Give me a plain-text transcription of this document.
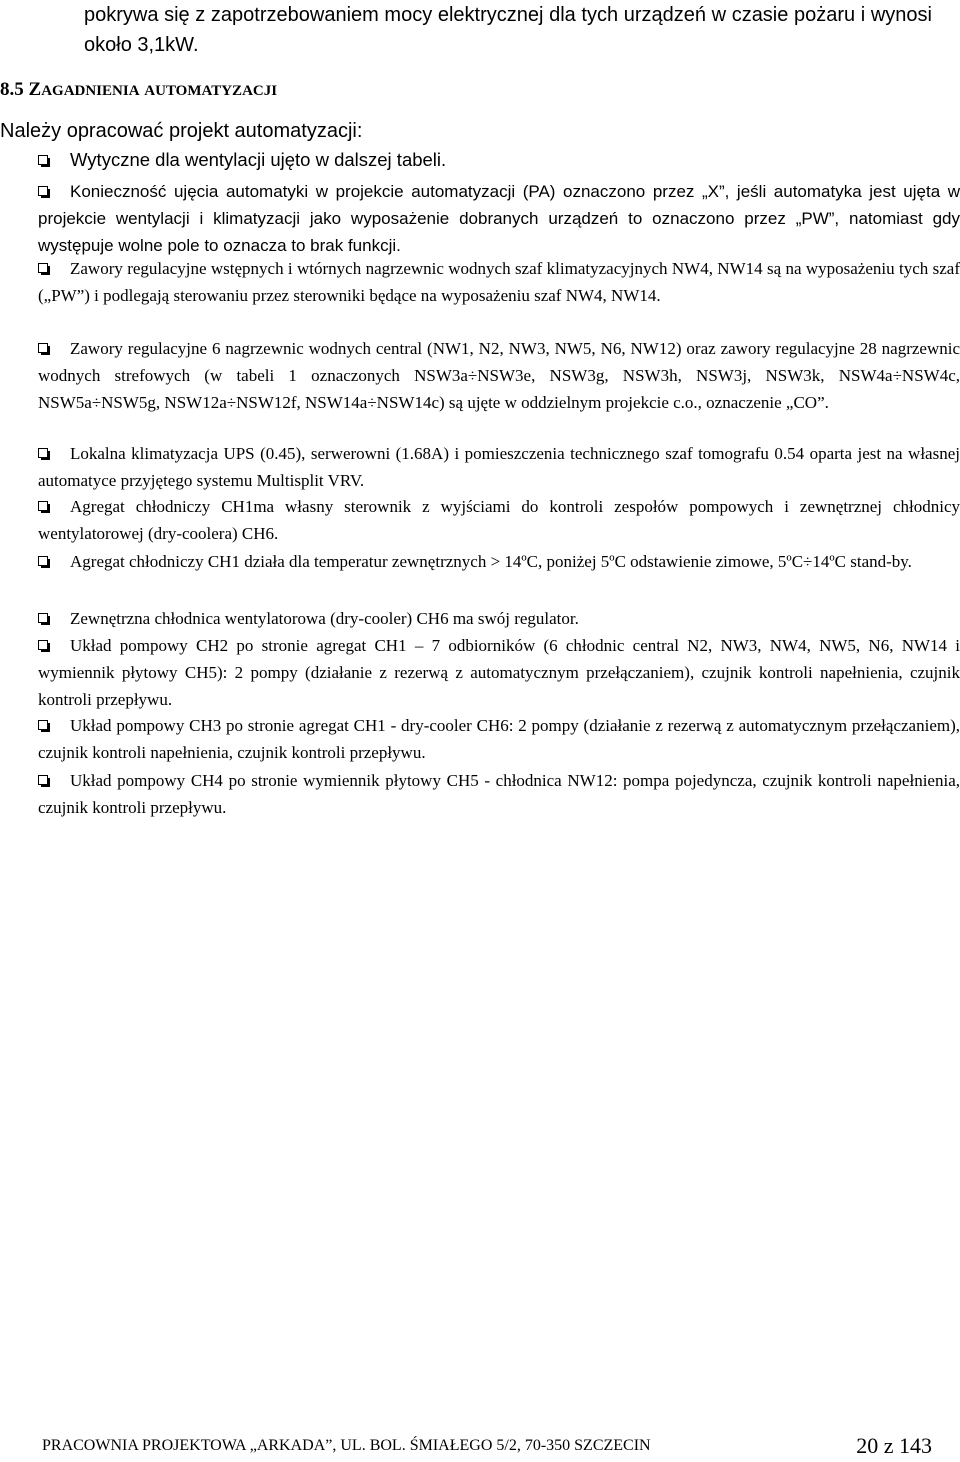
pokrywa się z zapotrzebowaniem mocy elektrycznej dla tych urządzeń w czasie pożaru i wynosi około 3,1kW.

8.5 ZAGADNIENIA AUTOMATYZACJI

Należy opracować projekt automatyzacji:

Wytyczne dla wentylacji ujęto w dalszej tabeli.
Konieczność ujęcia automatyki w projekcie automatyzacji (PA) oznaczono przez „X”, jeśli automatyka jest ujęta w projekcie wentylacji i klimatyzacji jako wyposażenie dobranych urządzeń to oznaczono przez „PW”, natomiast gdy występuje wolne pole to oznacza to brak funkcji.
Zawory regulacyjne wstępnych i wtórnych nagrzewnic wodnych szaf klimatyzacyjnych NW4, NW14 są na wyposażeniu tych szaf („PW”) i podlegają sterowaniu przez sterowniki będące na wyposażeniu szaf NW4, NW14.
Zawory regulacyjne 6 nagrzewnic wodnych central (NW1, N2, NW3, NW5, N6, NW12) oraz zawory regulacyjne 28 nagrzewnic wodnych strefowych (w tabeli 1 oznaczonych NSW3a÷NSW3e, NSW3g, NSW3h, NSW3j, NSW3k, NSW4a÷NSW4c, NSW5a÷NSW5g, NSW12a÷NSW12f, NSW14a÷NSW14c) są ujęte w oddzielnym projekcie c.o., oznaczenie „CO”.
Lokalna klimatyzacja UPS (0.45), serwerowni (1.68A) i pomieszczenia technicznego szaf tomografu 0.54 oparta jest na własnej automatyce przyjętego systemu Multisplit VRV.
Agregat chłodniczy CH1ma własny sterownik z wyjściami do kontroli zespołów pompowych i zewnętrznej chłodnicy wentylatorowej (dry-coolera) CH6.
Agregat chłodniczy CH1 działa dla temperatur zewnętrznych > 14ºC, poniżej 5ºC odstawienie zimowe, 5ºC÷14ºC stand-by.
Zewnętrzna chłodnica wentylatorowa (dry-cooler) CH6 ma swój regulator.
Układ pompowy CH2 po stronie agregat CH1 – 7 odbiorników (6 chłodnic central N2, NW3, NW4, NW5, N6, NW14 i wymiennik płytowy CH5): 2 pompy (działanie z rezerwą z automatycznym przełączaniem), czujnik kontroli napełnienia, czujnik kontroli przepływu.
Układ pompowy CH3 po stronie agregat CH1 - dry-cooler CH6: 2 pompy (działanie z rezerwą z automatycznym przełączaniem), czujnik kontroli napełnienia, czujnik kontroli przepływu.
Układ pompowy CH4 po stronie wymiennik płytowy CH5 - chłodnica NW12: pompa pojedyncza, czujnik kontroli napełnienia, czujnik kontroli przepływu.
PRACOWNIA PROJEKTOWA „ARKADA”, UL. BOL. ŚMIAŁEGO 5/2, 70-350 SZCZECIN	20 z 143
